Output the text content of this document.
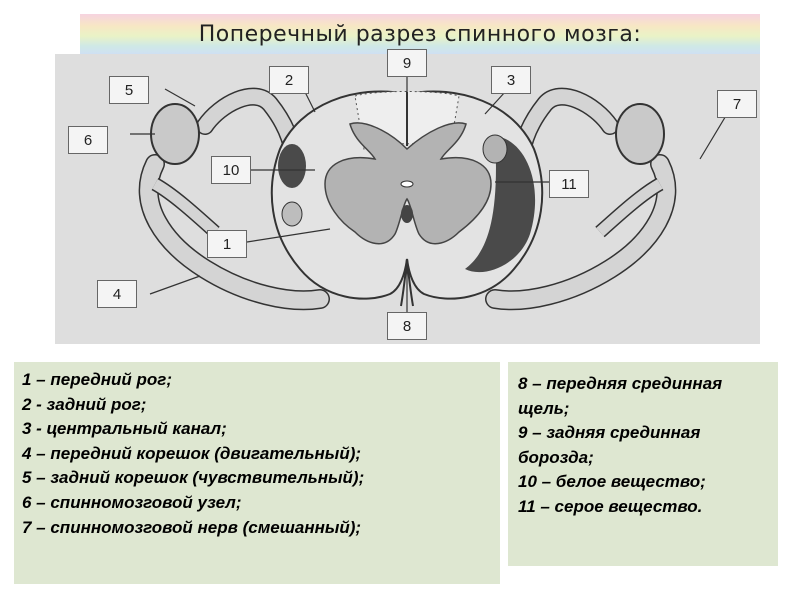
Поперечный разрез спинного мозга:
5
6
2
9
3
7
10
11
1
4
8
1 – передний рог;
2 - задний рог;
3 - центральный канал;
4 – передний корешок (двигательный);
5 – задний корешок (чувствительный);
6 – спинномозговой узел;
7 – спинномозговой нерв (смешанный);
8 – передняя срединная щель;
9 – задняя срединная борозда;
10 – белое вещество;
11 – серое вещество.
